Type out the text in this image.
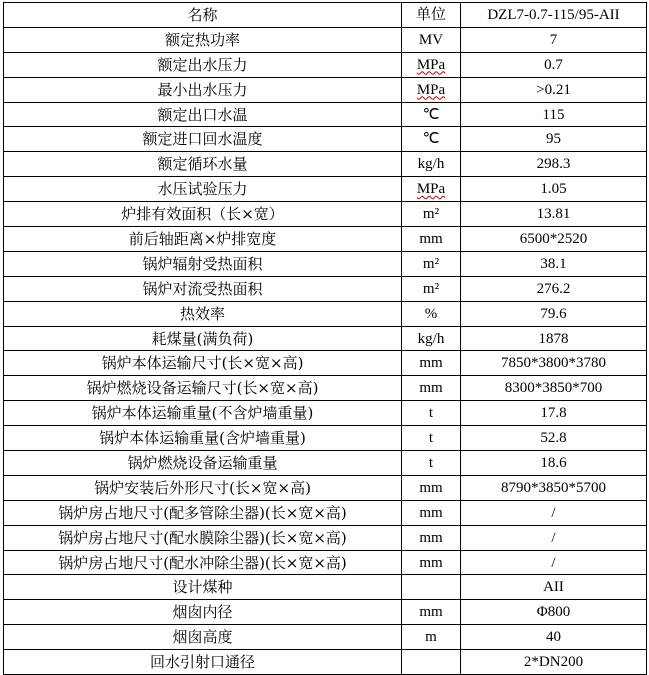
名称	单位	DZL7-0.7-115/95-AII
额定热功率	MV	7
额定出水压力	MPa	0.7
最小出水压力	MPa	>0.21
额定出口水温	℃	115
额定进口回水温度	℃	95
额定循环水量	kg/h	298.3
水压试验压力	MPa	1.05
炉排有效面积（长×宽）	m²	13.81
前后轴距离×炉排宽度	mm	6500*2520
锅炉辐射受热面积	m²	38.1
锅炉对流受热面积	m²	276.2
热效率	%	79.6
耗煤量(满负荷)	kg/h	1878
锅炉本体运输尺寸(长×宽×高)	mm	7850*3800*3780
锅炉燃烧设备运输尺寸(长×宽×高)	mm	8300*3850*700
锅炉本体运输重量(不含炉墙重量)	t	17.8
锅炉本体运输重量(含炉墙重量)	t	52.8
锅炉燃烧设备运输重量	t	18.6
锅炉安装后外形尺寸(长×宽×高)	mm	8790*3850*5700
锅炉房占地尺寸(配多管除尘器)(长×宽×高)	mm	/
锅炉房占地尺寸(配水膜除尘器)(长×宽×高)	mm	/
锅炉房占地尺寸(配水冲除尘器)(长×宽×高)	mm	/
设计煤种		AII
烟囱内径	mm	Φ800
烟囱高度	m	40
回水引射口通径		2*DN200
